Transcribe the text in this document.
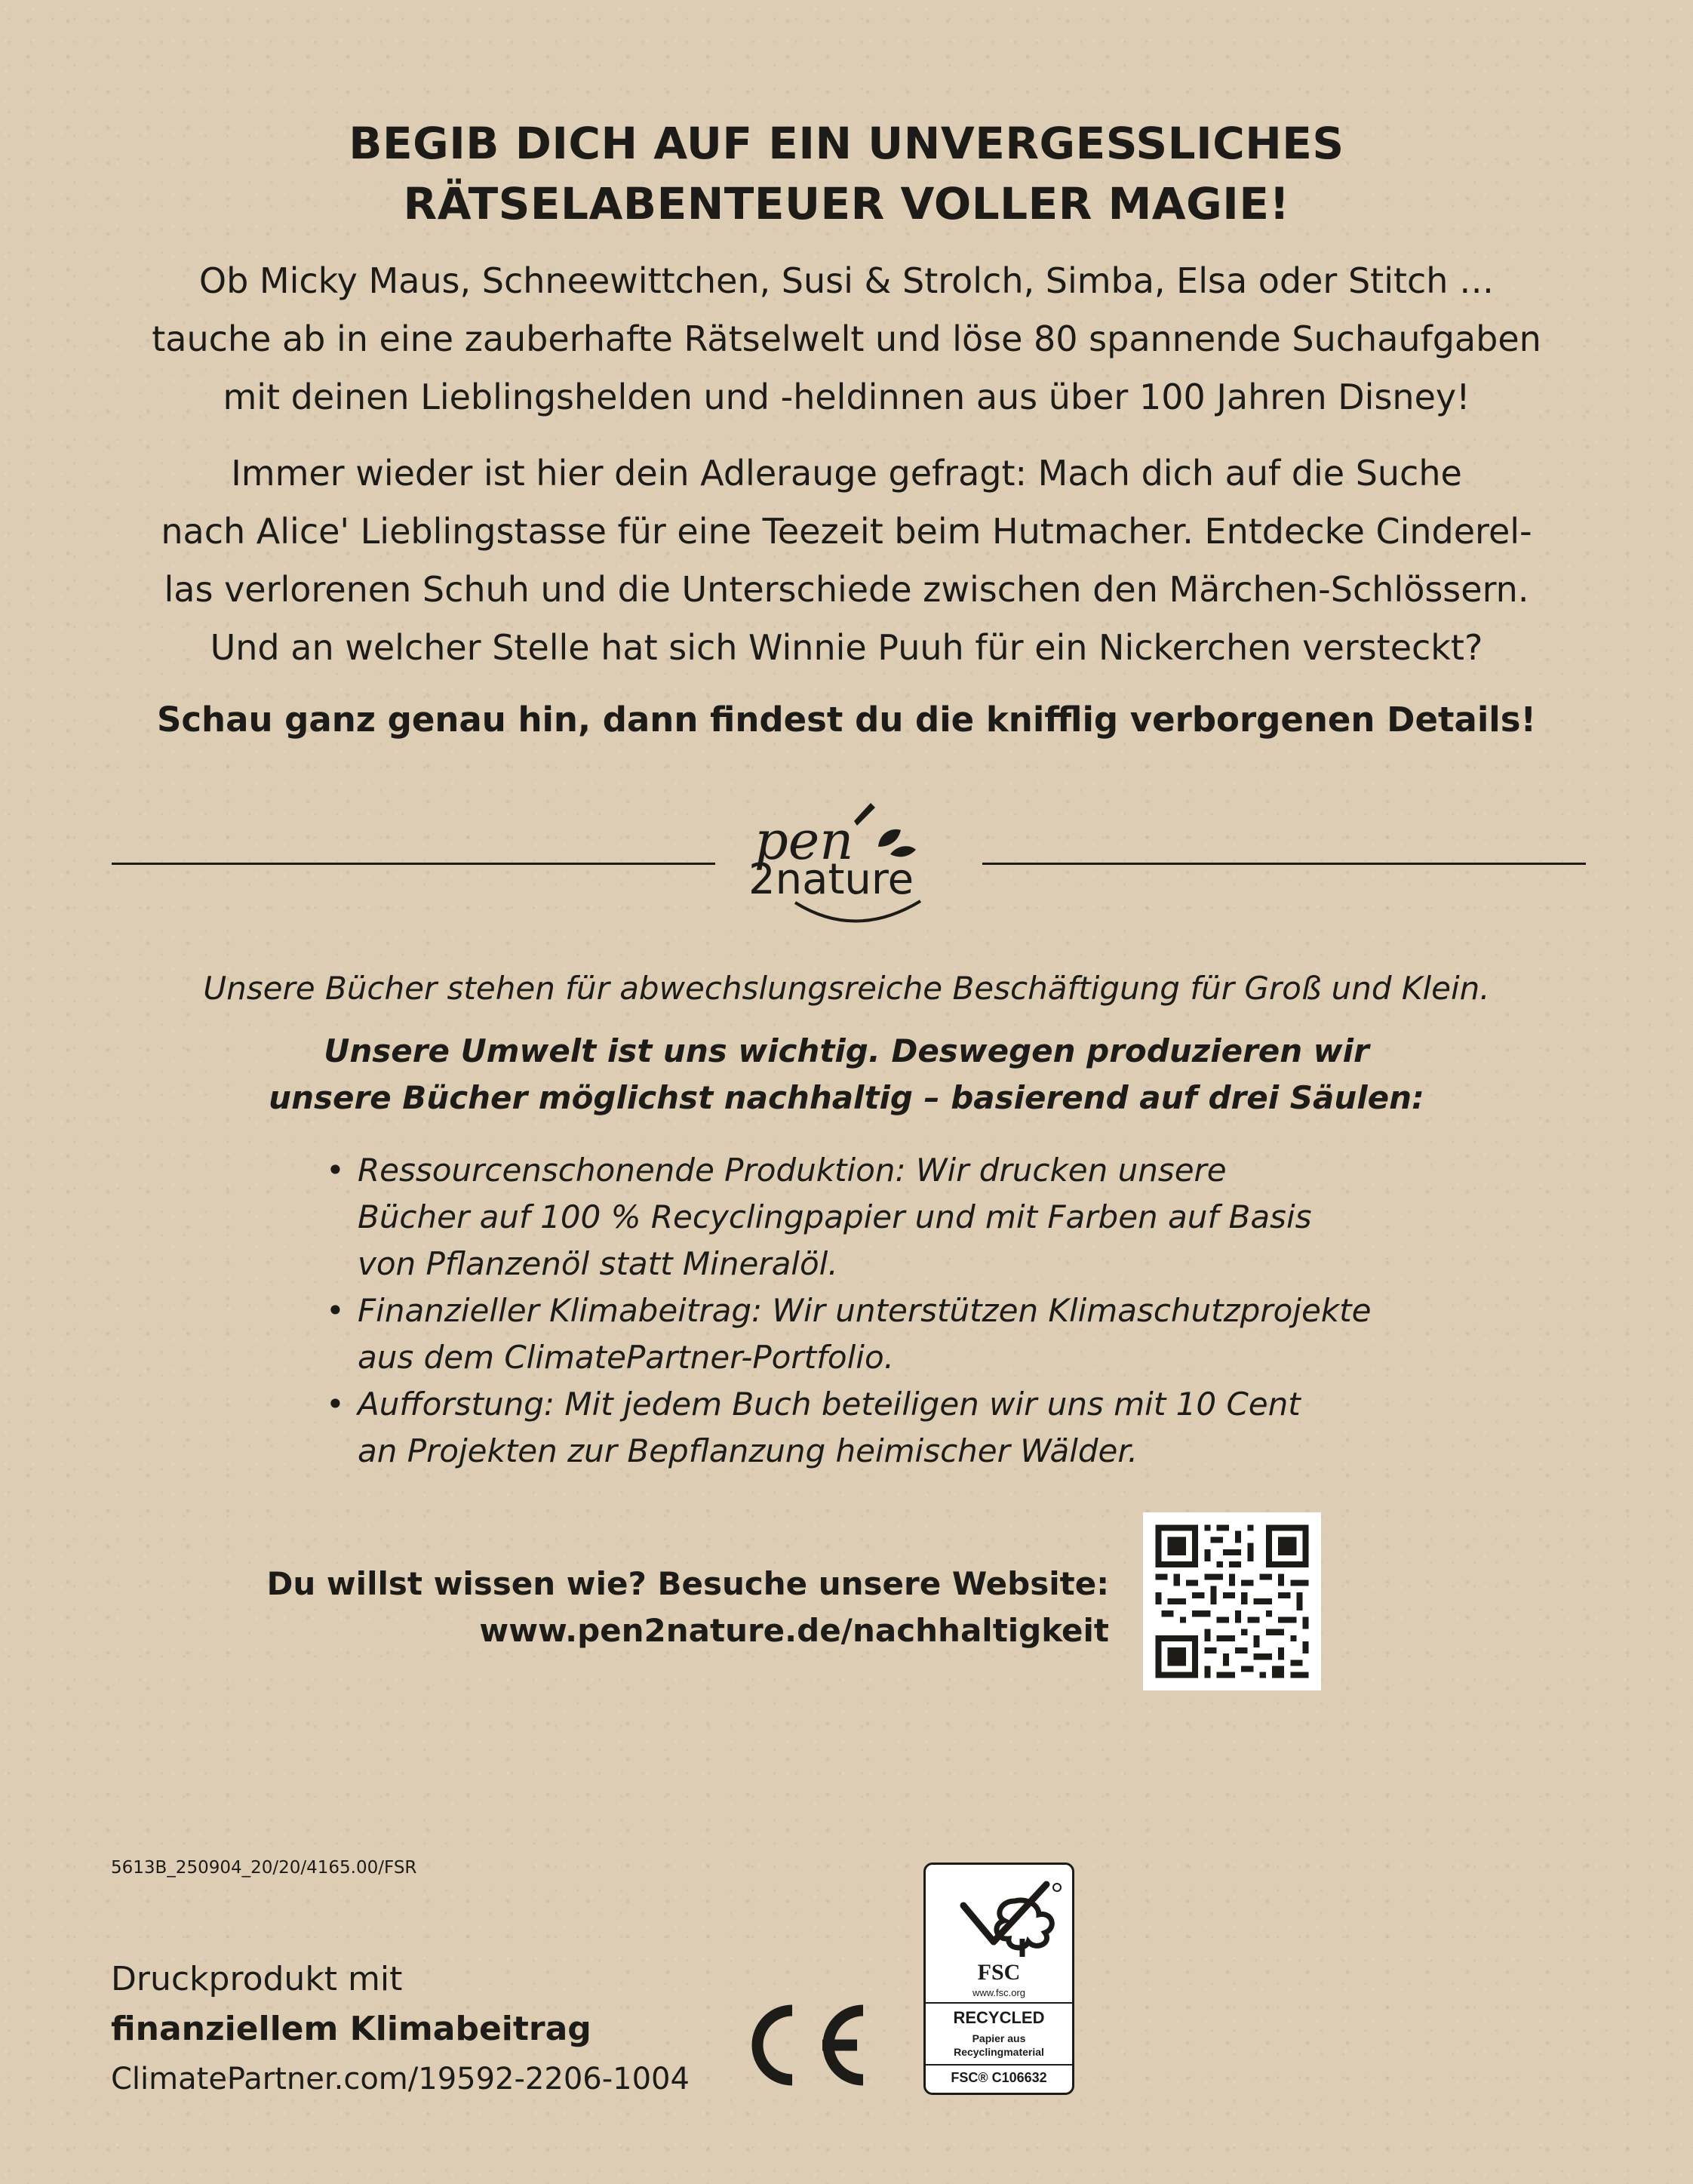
BEGIB DICH AUF EIN UNVERGESSLICHES
RÄTSELABENTEUER VOLLER MAGIE!
Ob Micky Maus, Schneewittchen, Susi & Strolch, Simba, Elsa oder Stitch …
tauche ab in eine zauberhafte Rätselwelt und löse 80 spannende Suchaufgaben
mit deinen Lieblingshelden und -heldinnen aus über 100 Jahren Disney!
Immer wieder ist hier dein Adlerauge gefragt: Mach dich auf die Suche
nach Alice' Lieblingstasse für eine Teezeit beim Hutmacher. Entdecke Cinderel-
las verlorenen Schuh und die Unterschiede zwischen den Märchen-Schlössern.
Und an welcher Stelle hat sich Winnie Puuh für ein Nickerchen versteckt?
Schau ganz genau hin, dann findest du die knifflig verborgenen Details!
pen
2nature
Unsere Bücher stehen für abwechslungsreiche Beschäftigung für Groß und Klein.
Unsere Umwelt ist uns wichtig. Deswegen produzieren wir
unsere Bücher möglichst nachhaltig – basierend auf drei Säulen:
• Ressourcenschonende Produktion: Wir drucken unsere
Bücher auf 100 % Recyclingpapier und mit Farben auf Basis
von Pflanzenöl statt Mineralöl.
• Finanzieller Klimabeitrag: Wir unterstützen Klimaschutzprojekte
aus dem ClimatePartner-Portfolio.
• Aufforstung: Mit jedem Buch beteiligen wir uns mit 10 Cent
an Projekten zur Bepflanzung heimischer Wälder.
Du willst wissen wie? Besuche unsere Website:
www.pen2nature.de/nachhaltigkeit
5613B_250904_20/20/4165.00/FSR
Druckprodukt mit
finanziellem Klimabeitrag
ClimatePartner.com/19592-2206-1004
FSC
www.fsc.org
RECYCLED
Papier aus
Recyclingmaterial
FSC® C106632
